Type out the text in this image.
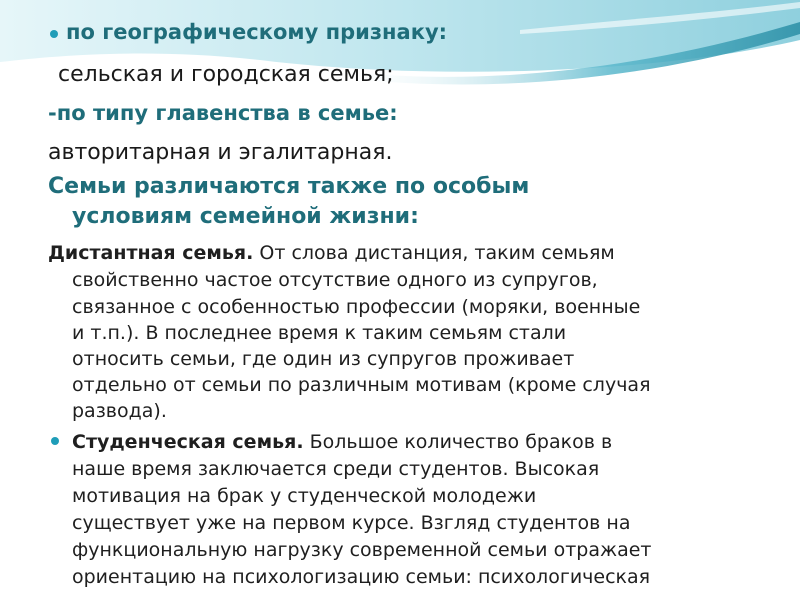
по географическому признаку:
сельская и городская семья;
-по типу главенства в семье:
авторитарная и эгалитарная.
Семьи различаются также по особым
условиям семейной жизни:
Дистантная семья. От слова дистанция, таким семьям
свойственно частое отсутствие одного из супругов,
связанное с особенностью профессии (моряки, военные
и т.п.). В последнее время к таким семьям стали
относить семьи, где один из супругов проживает
отдельно от семьи по различным мотивам (кроме случая
развода).
Студенческая семья. Большое количество браков в
наше время заключается среди студентов. Высокая
мотивация на брак у студенческой молодежи
существует уже на первом курсе. Взгляд студентов на
функциональную нагрузку современной семьи отражает
ориентацию на психологизацию семьи: психологическая
